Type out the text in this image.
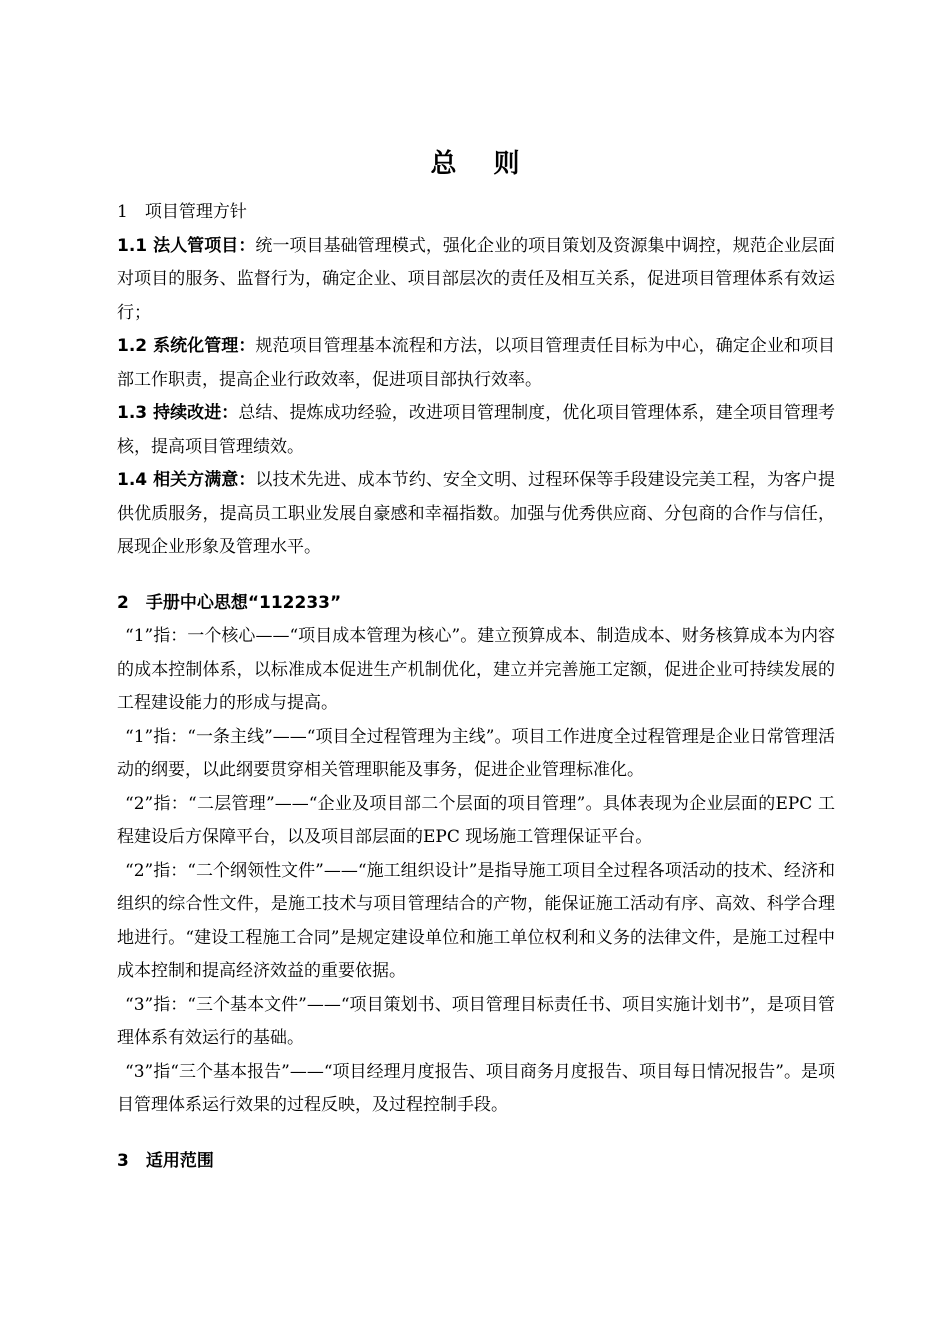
总 则

1　项目管理方针

1.1 法人管项目：统一项目基础管理模式，强化企业的项目策划及资源集中调控，规范企业层面对项目的服务、监督行为，确定企业、项目部层次的责任及相互关系，促进项目管理体系有效运行；

1.2 系统化管理：规范项目管理基本流程和方法，以项目管理责任目标为中心，确定企业和项目部工作职责，提高企业行政效率，促进项目部执行效率。

1.3 持续改进：总结、提炼成功经验，改进项目管理制度，优化项目管理体系，建全项目管理考核，提高项目管理绩效。

1.4 相关方满意：以技术先进、成本节约、安全文明、过程环保等手段建设完美工程，为客户提供优质服务，提高员工职业发展自豪感和幸福指数。加强与优秀供应商、分包商的合作与信任，展现企业形象及管理水平。

2　手册中心思想“112233”

“1”指：一个核心——“项目成本管理为核心”。建立预算成本、制造成本、财务核算成本为内容的成本控制体系，以标准成本促进生产机制优化，建立并完善施工定额，促进企业可持续发展的工程建设能力的形成与提高。

“1”指：“一条主线”——“项目全过程管理为主线”。项目工作进度全过程管理是企业日常管理活动的纲要，以此纲要贯穿相关管理职能及事务，促进企业管理标准化。

“2”指：“二层管理”——“企业及项目部二个层面的项目管理”。具体表现为企业层面的EPC 工程建设后方保障平台，以及项目部层面的EPC 现场施工管理保证平台。

“2”指：“二个纲领性文件”——“施工组织设计”是指导施工项目全过程各项活动的技术、经济和组织的综合性文件，是施工技术与项目管理结合的产物，能保证施工活动有序、高效、科学合理地进行。“建设工程施工合同”是规定建设单位和施工单位权利和义务的法律文件，是施工过程中成本控制和提高经济效益的重要依据。

“3”指：“三个基本文件”——“项目策划书、项目管理目标责任书、项目实施计划书”，是项目管理体系有效运行的基础。

“3”指“三个基本报告”——“项目经理月度报告、项目商务月度报告、项目每日情况报告”。是项目管理体系运行效果的过程反映，及过程控制手段。

3　适用范围
